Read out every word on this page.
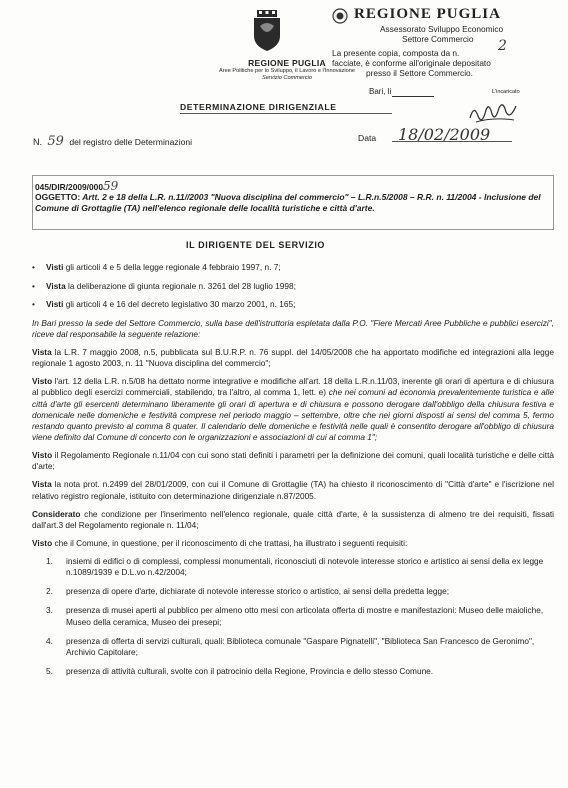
REGIONE PUGLIA
Aree Politiche per lo Sviluppo, il Lavoro e l'Innovazione
Servizio Commercio
REGIONE PUGLIA
Assessorato Sviluppo Economico
Settore Commercio
La presente copia, composta da n.	2
facciate, è conforme all'originale depositato
presso il Settore Commercio.
Bari, li	L'incaricato
DETERMINAZIONE DIRIGENZIALE
N. 59 del registro delle Determinazioni	Data 18/02/2009
045/DIR/2009/00059
OGGETTO: Artt. 2 e 18 della L.R. n.11//2003 "Nuova disciplina del commercio" – L.R.n.5/2008 – R.R. n. 11/2004 - Inclusione del Comune di Grottaglie (TA) nell'elenco regionale delle località turistiche e città d'arte.
IL DIRIGENTE DEL SERVIZIO
• Visti gli articoli 4 e 5 della legge regionale 4 febbraio 1997, n. 7;
• Vista la deliberazione di giunta regionale n. 3261 del 28 luglio 1998;
• Visti gli articoli 4 e 16 del decreto legislativo 30 marzo 2001, n. 165;
In Bari presso la sede del Settore Commercio, sulla base dell'istruttoria espletata dalla P.O. "Fiere Mercati Aree Pubbliche e pubblici esercizi", riceve dal responsabile la seguente relazione:
Vista la L.R. 7 maggio 2008, n.5, pubblicata sul B.U.R.P. n. 76 suppl. del 14/05/2008 che ha apportato modifiche ed integrazioni alla legge regionale 1 agosto 2003, n. 11 "Nuova disciplina del commercio";
Visto l'art. 12 della L.R. n.5/08 ha dettato norme integrative e modifiche all'art. 18 della L.R.n.11/03, inerente gli orari di apertura e di chiusura al pubblico degli esercizi commerciali, stabilendo, tra l'altro, al comma 1, lett. e) che nei comuni ad economia prevalentemente turistica e alle città d'arte gli esercenti determinano liberamente gli orari di apertura e di chiusura e possono derogare dall'obbligo della chiusura festiva e domenicale nelle domeniche e festività comprese nel periodo maggio – settembre, oltre che nei giorni disposti ai sensi del comma 5, fermo restando quanto previsto al comma 8 quater. Il calendario delle domeniche e festività nelle quali è consentito derogare all'obbligo di chiusura viene definito dal Comune di concerto con le organizzazioni e associazioni di cui al comma 1";
Visto il Regolamento Regionale n.11/04 con cui sono stati definiti i parametri per la definizione dei comuni, quali località turistiche e delle città d'arte;
Vista la nota prot. n.2499 del 28/01/2009, con cui il Comune di Grottaglie (TA) ha chiesto il riconoscimento di "Città d'arte" e l'iscrizione nel relativo registro regionale, istituito con determinazione dirigenziale n.87/2005.
Considerato che condizione per l'inserimento nell'elenco regionale, quale città d'arte, è la sussistenza di almeno tre dei requisiti, fissati dall'art.3 del Regolamento regionale n. 11/04;
Visto che il Comune, in questione, per il riconoscimento di che trattasi, ha illustrato i seguenti requisiti:
1. insiemi di edifici o di complessi, complessi monumentali, riconosciuti di notevole interesse storico e artistico ai sensi della ex legge n.1089/1939 e D.L.vo n.42/2004;
2. presenza di opere d'arte, dichiarate di notevole interesse storico o artistico, ai sensi della predetta legge;
3. presenza di musei aperti al pubblico per almeno otto mesi con articolata offerta di mostre e manifestazioni: Museo delle maioliche, Museo della ceramica, Museo dei presepi;
4. presenza di offerta di servizi culturali, quali: Biblioteca comunale "Gaspare Pignatelli", "Biblioteca San Francesco de Geronimo", Archivio Capitolare;
5. presenza di attività culturali, svolte con il patrocinio della Regione, Provincia e dello stesso Comune.
